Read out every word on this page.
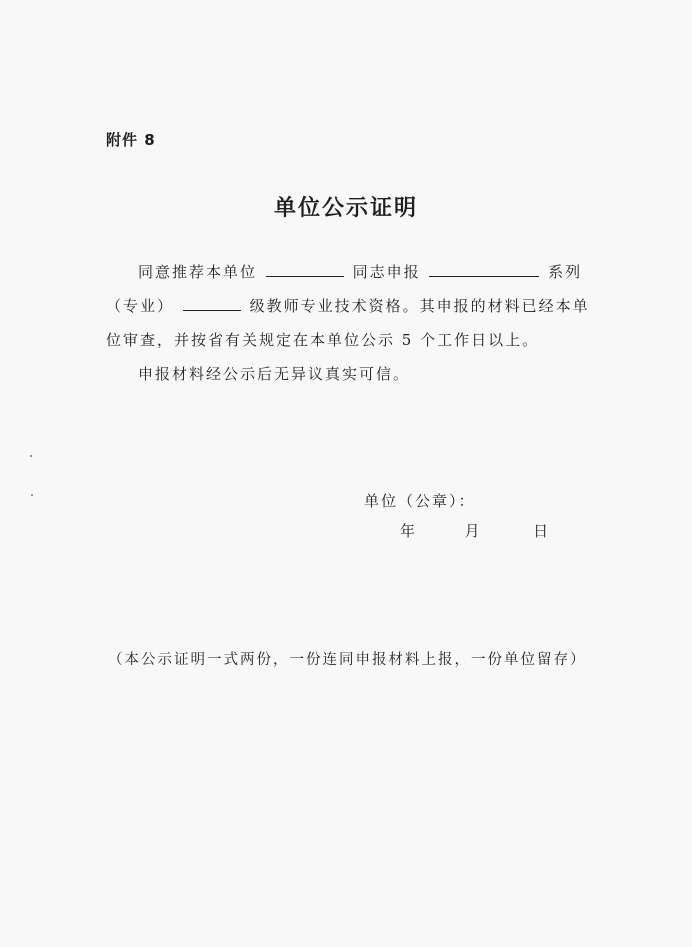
附件 8
单位公示证明
同意推荐本单位	同志申报	系列
（专业）	级教师专业技术资格。其申报的材料已经本单
位审查，并按省有关规定在本单位公示 5 个工作日以上。
申报材料经公示后无异议真实可信。
单位（公章）：
年	月	日
（本公示证明一式两份，一份连同申报材料上报，一份单位留存）
